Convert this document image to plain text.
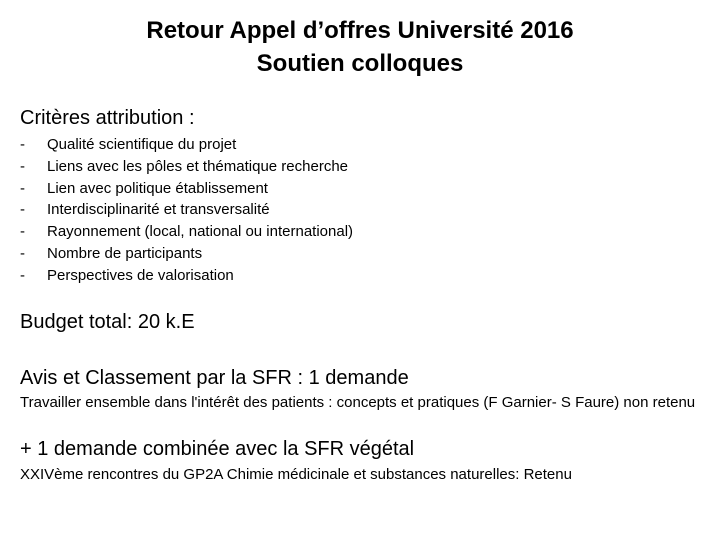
Retour Appel d’offres Université 2016
Soutien colloques
Critères attribution :
- Qualité scientifique du projet
- Liens avec les pôles et thématique recherche
- Lien avec politique établissement
- Interdisciplinarité et transversalité
- Rayonnement (local, national ou international)
- Nombre de participants
- Perspectives de valorisation
Budget total: 20 k.E
Avis et Classement par la SFR : 1 demande
Travailler ensemble dans l'intérêt des patients : concepts et pratiques (F Garnier- S Faure) non retenu
+ 1 demande combinée avec la SFR végétal
XXIVème rencontres du GP2A Chimie médicinale et substances naturelles: Retenu
